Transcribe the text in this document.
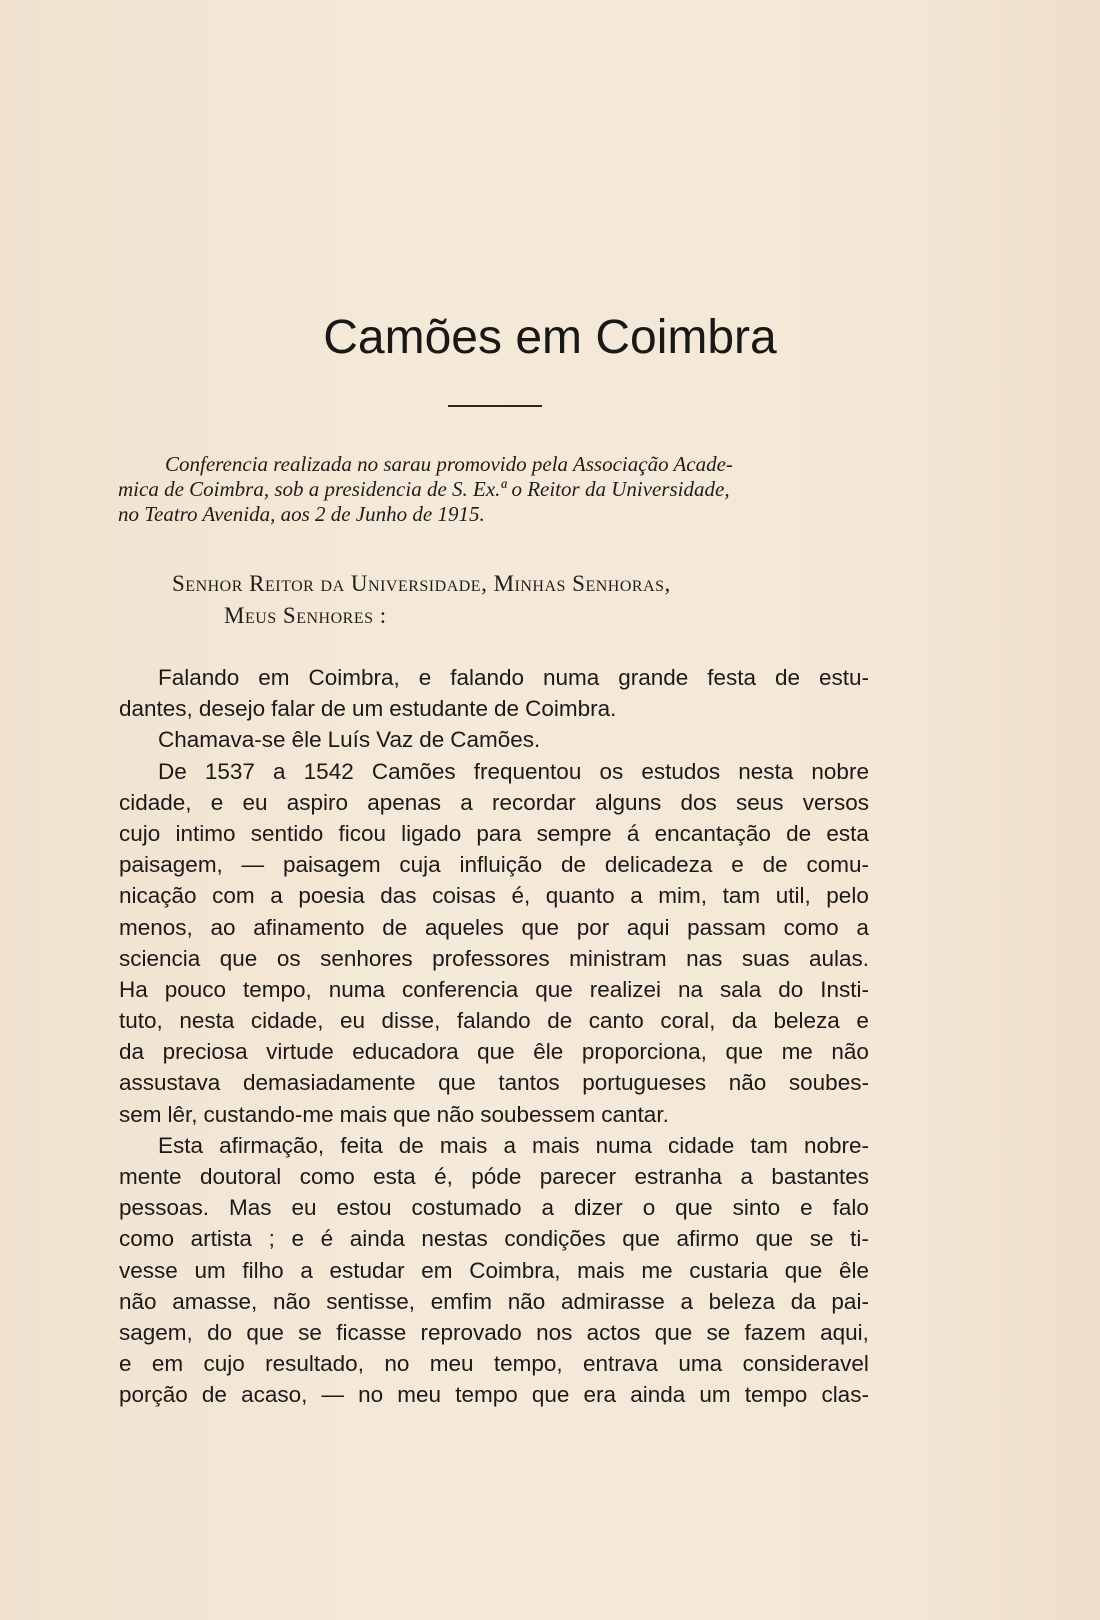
Camões em Coimbra
Conferencia realizada no sarau promovido pela Associação Acade-
mica de Coimbra, sob a presidencia de S. Ex.ª o Reitor da Universidade,
no Teatro Avenida, aos 2 de Junho de 1915.
Senhor Reitor da Universidade, Minhas Senhoras,
Meus Senhores :
Falando em Coimbra, e falando numa grande festa de estu-
dantes, desejo falar de um estudante de Coimbra.
Chamava-se êle Luís Vaz de Camões.
De 1537 a 1542 Camões frequentou os estudos nesta nobre
cidade, e eu aspiro apenas a recordar alguns dos seus versos
cujo intimo sentido ficou ligado para sempre á encantação de esta
paisagem, — paisagem cuja influição de delicadeza e de comu-
nicação com a poesia das coisas é, quanto a mim, tam util, pelo
menos, ao afinamento de aqueles que por aqui passam como a
sciencia que os senhores professores ministram nas suas aulas.
Ha pouco tempo, numa conferencia que realizei na sala do Insti-
tuto, nesta cidade, eu disse, falando de canto coral, da beleza e
da preciosa virtude educadora que êle proporciona, que me não
assustava demasiadamente que tantos portugueses não soubes-
sem lêr, custando-me mais que não soubessem cantar.
Esta afirmação, feita de mais a mais numa cidade tam nobre-
mente doutoral como esta é, póde parecer estranha a bastantes
pessoas. Mas eu estou costumado a dizer o que sinto e falo
como artista ; e é ainda nestas condições que afirmo que se ti-
vesse um filho a estudar em Coimbra, mais me custaria que êle
não amasse, não sentisse, emfim não admirasse a beleza da pai-
sagem, do que se ficasse reprovado nos actos que se fazem aqui,
e em cujo resultado, no meu tempo, entrava uma consideravel
porção de acaso, — no meu tempo que era ainda um tempo clas-
